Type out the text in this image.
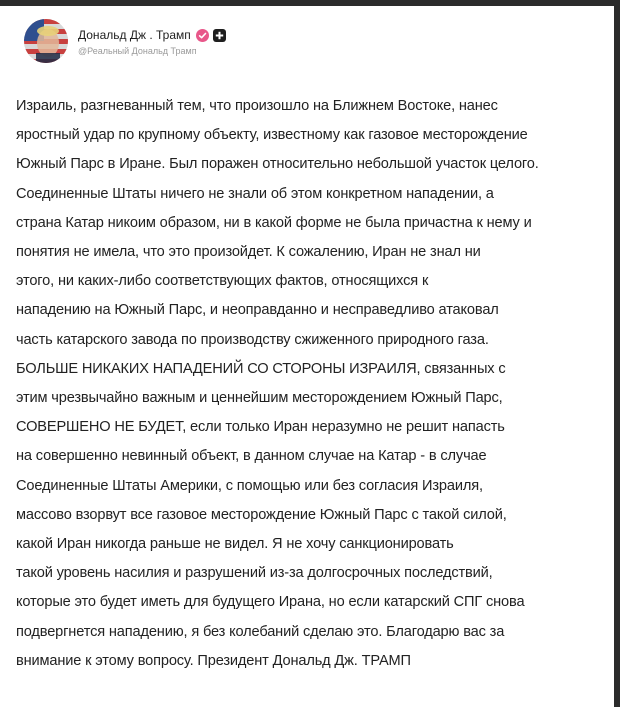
Дональд Дж . Трамп
@Реальный Дональд Трамп
Израиль, разгневанный тем, что произошло на Ближнем Востоке, нанес
яростный удар по крупному объекту, известному как газовое месторождение
Южный Парс в Иране. Был поражен относительно небольшой участок целого.
Соединенные Штаты ничего не знали об этом конкретном нападении, а
страна Катар никоим образом, ни в какой форме не была причастна к нему и
понятия не имела, что это произойдет. К сожалению, Иран не знал ни
этого, ни каких-либо соответствующих фактов, относящихся к
нападению на Южный Парс, и неоправданно и несправедливо атаковал
часть катарского завода по производству сжиженного природного газа.
БОЛЬШЕ НИКАКИХ НАПАДЕНИЙ СО СТОРОНЫ ИЗРАИЛЯ, связанных с
этим чрезвычайно важным и ценнейшим месторождением Южный Парс,
СОВЕРШЕНО НЕ БУДЕТ, если только Иран неразумно не решит напасть
на совершенно невинный объект, в данном случае на Катар - в случае
Соединенные Штаты Америки, с помощью или без согласия Израиля,
массово взорвут все газовое месторождение Южный Парс с такой силой,
какой Иран никогда раньше не видел. Я не хочу санкционировать
такой уровень насилия и разрушений из-за долгосрочных последствий,
которые это будет иметь для будущего Ирана, но если катарский СПГ снова
подвергнется нападению, я без колебаний сделаю это. Благодарю вас за
внимание к этому вопросу. Президент Дональд Дж. ТРАМП
